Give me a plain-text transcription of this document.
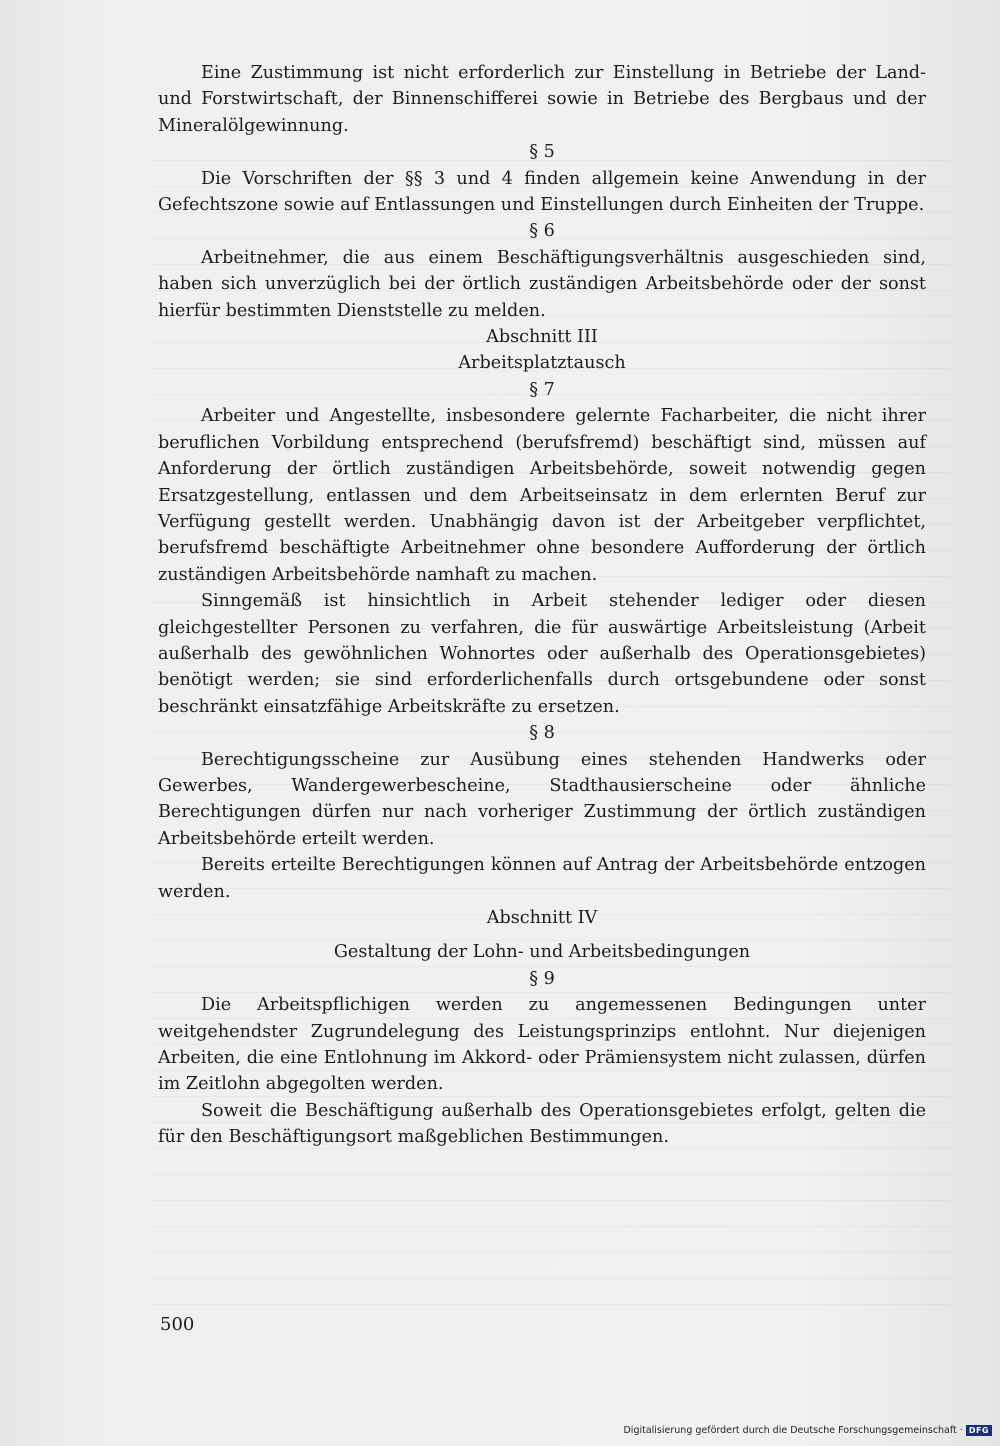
Eine Zustimmung ist nicht erforderlich zur Einstellung in Betriebe der Land- und Forstwirtschaft, der Binnenschifferei sowie in Betriebe des Bergbaus und der Mineralölgewinnung.

§ 5

Die Vorschriften der §§ 3 und 4 finden allgemein keine Anwendung in der Gefechtszone sowie auf Entlassungen und Einstellungen durch Einheiten der Truppe.

§ 6

Arbeitnehmer, die aus einem Beschäftigungsverhältnis ausgeschieden sind, haben sich unverzüglich bei der örtlich zuständigen Arbeitsbehörde oder der sonst hierfür bestimmten Dienststelle zu melden.

Abschnitt III

Arbeitsplatztausch

§ 7

Arbeiter und Angestellte, insbesondere gelernte Facharbeiter, die nicht ihrer beruflichen Vorbildung entsprechend (berufsfremd) beschäftigt sind, müssen auf Anforderung der örtlich zuständigen Arbeitsbehörde, soweit notwendig gegen Ersatzgestellung, entlassen und dem Arbeitseinsatz in dem erlernten Beruf zur Verfügung gestellt werden. Unabhängig davon ist der Arbeitgeber verpflichtet, berufsfremd beschäftigte Arbeitnehmer ohne besondere Aufforderung der örtlich zuständigen Arbeitsbehörde namhaft zu machen.

Sinngemäß ist hinsichtlich in Arbeit stehender lediger oder diesen gleichgestellter Personen zu verfahren, die für auswärtige Arbeitsleistung (Arbeit außerhalb des gewöhnlichen Wohnortes oder außerhalb des Operationsgebietes) benötigt werden; sie sind erforderlichenfalls durch ortsgebundene oder sonst beschränkt einsatzfähige Arbeitskräfte zu ersetzen.

§ 8

Berechtigungsscheine zur Ausübung eines stehenden Handwerks oder Gewerbes, Wandergewerbescheine, Stadthausierscheine oder ähnliche Berechtigungen dürfen nur nach vorheriger Zustimmung der örtlich zuständigen Arbeitsbehörde erteilt werden.

Bereits erteilte Berechtigungen können auf Antrag der Arbeitsbehörde entzogen werden.

Abschnitt IV

Gestaltung der Lohn- und Arbeitsbedingungen

§ 9

Die Arbeitspflichigen werden zu angemessenen Bedingungen unter weitgehendster Zugrundelegung des Leistungsprinzips entlohnt. Nur diejenigen Arbeiten, die eine Entlohnung im Akkord- oder Prämiensystem nicht zulassen, dürfen im Zeitlohn abgegolten werden.

Soweit die Beschäftigung außerhalb des Operationsgebietes erfolgt, gelten die für den Beschäftigungsort maßgeblichen Bestimmungen.

500
Digitalisierung gefördert durch die Deutsche Forschungsgemeinschaft · DFG
